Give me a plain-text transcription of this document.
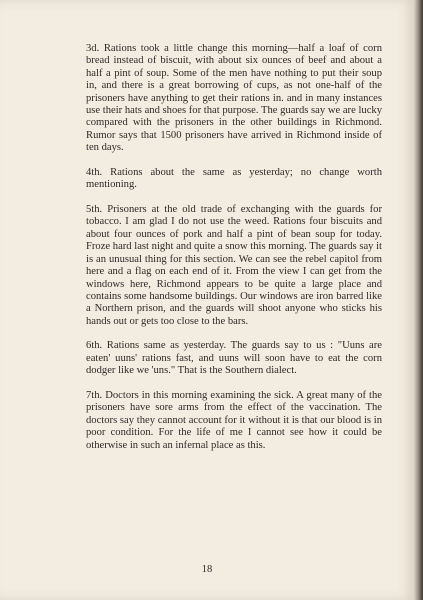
3d. Rations took a little change this morning—half a loaf of corn bread instead of biscuit, with about six ounces of beef and about a half a pint of soup. Some of the men have nothing to put their soup in, and there is a great borrowing of cups, as not one-half of the prisoners have anything to get their rations in. and in many instances use their hats and shoes for that purpose. The guards say we are lucky compared with the prisoners in the other buildings in Richmond. Rumor says that 1500 prisoners have arrived in Richmond inside of ten days.

4th. Rations about the same as yesterday; no change worth mentioning.

5th. Prisoners at the old trade of exchanging with the guards for tobacco. I am glad I do not use the weed. Rations four biscuits and about four ounces of pork and half a pint of bean soup for today. Froze hard last night and quite a snow this morning. The guards say it is an unusual thing for this section. We can see the rebel capitol from here and a flag on each end of it. From the view I can get from the windows here, Richmond appears to be quite a large place and contains some handsome buildings. Our windows are iron barred like a Northern prison, and the guards will shoot anyone who sticks his hands out or gets too close to the bars.

6th. Rations same as yesterday. The guards say to us : "Uuns are eaten' uuns' rations fast, and uuns will soon have to eat the corn dodger like we 'uns." That is the Southern dialect.

7th. Doctors in this morning examining the sick. A great many of the prisoners have sore arms from the effect of the vaccination. The doctors say they cannot account for it without it is that our blood is in poor condition. For the life of me I cannot see how it could be otherwise in such an infernal place as this.

18
